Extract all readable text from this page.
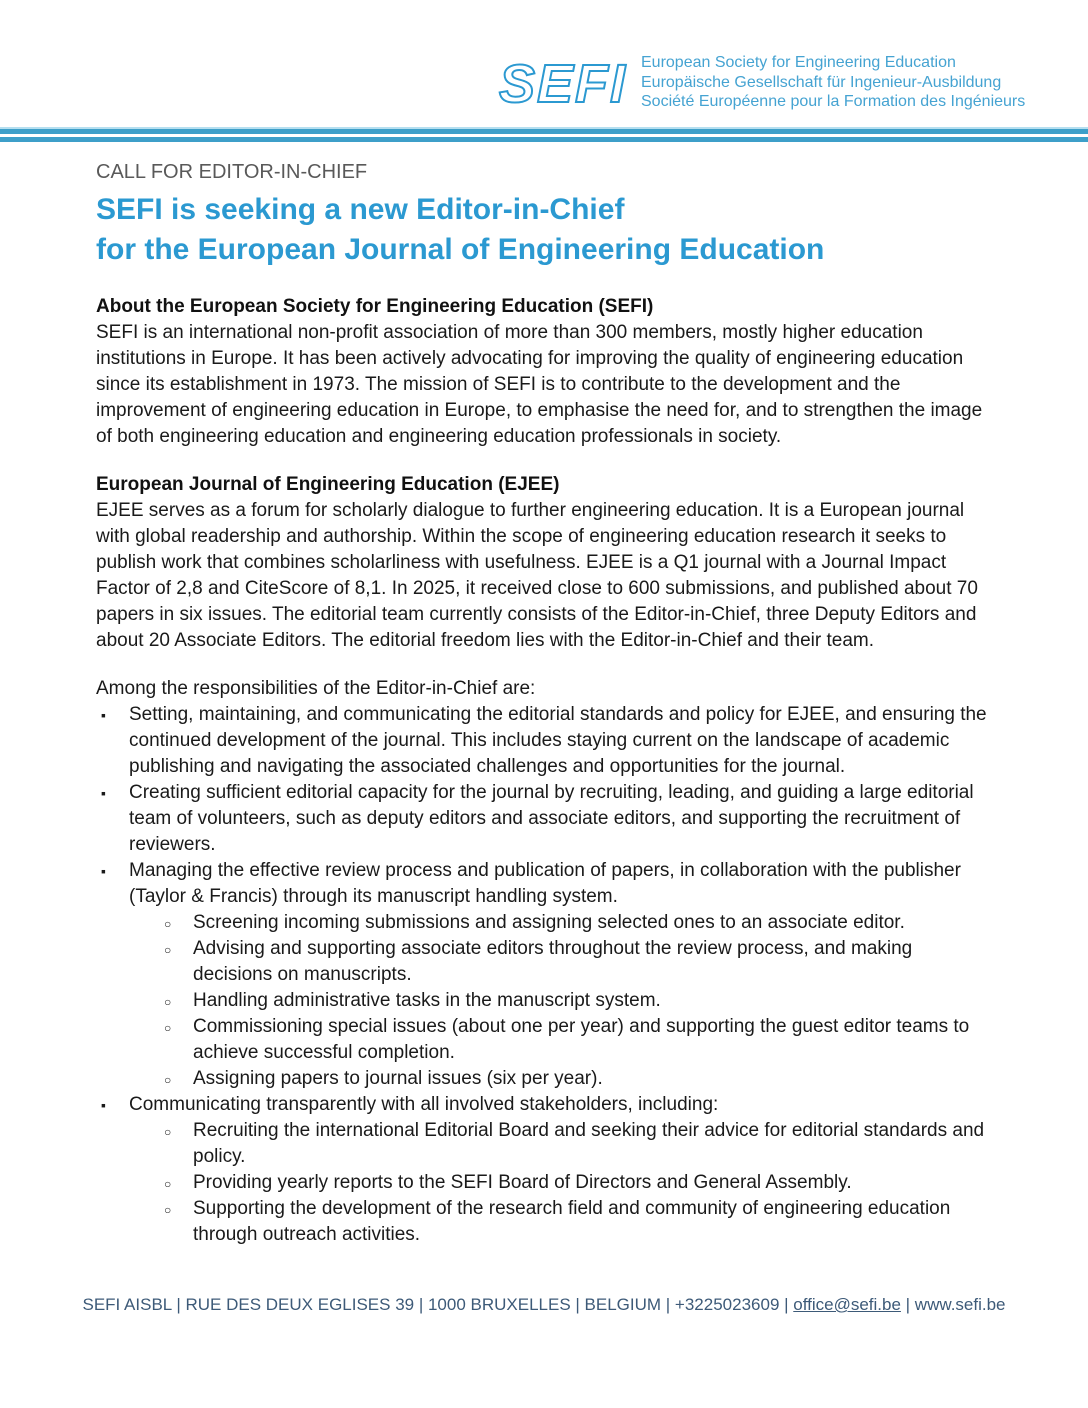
SEFI European Society for Engineering Education
Europäische Gesellschaft für Ingenieur-Ausbildung
Société Européenne pour la Formation des Ingénieurs
CALL FOR EDITOR-IN-CHIEF
SEFI is seeking a new Editor-in-Chief
for the European Journal of Engineering Education

About the European Society for Engineering Education (SEFI)

SEFI is an international non-profit association of more than 300 members, mostly higher education institutions in Europe. It has been actively advocating for improving the quality of engineering education since its establishment in 1973. The mission of SEFI is to contribute to the development and the improvement of engineering education in Europe, to emphasise the need for, and to strengthen the image of both engineering education and engineering education professionals in society.

European Journal of Engineering Education (EJEE)

EJEE serves as a forum for scholarly dialogue to further engineering education. It is a European journal with global readership and authorship. Within the scope of engineering education research it seeks to publish work that combines scholarliness with usefulness. EJEE is a Q1 journal with a Journal Impact Factor of 2,8 and CiteScore of 8,1. In 2025, it received close to 600 submissions, and published about 70 papers in six issues. The editorial team currently consists of the Editor-in-Chief, three Deputy Editors and about 20 Associate Editors. The editorial freedom lies with the Editor-in-Chief and their team.

Among the responsibilities of the Editor-in-Chief are:

▪ Setting, maintaining, and communicating the editorial standards and policy for EJEE, and ensuring the continued development of the journal. This includes staying current on the landscape of academic publishing and navigating the associated challenges and opportunities for the journal.
▪ Creating sufficient editorial capacity for the journal by recruiting, leading, and guiding a large editorial team of volunteers, such as deputy editors and associate editors, and supporting the recruitment of reviewers.
▪ Managing the effective review process and publication of papers, in collaboration with the publisher (Taylor & Francis) through its manuscript handling system.
○ Screening incoming submissions and assigning selected ones to an associate editor.
○ Advising and supporting associate editors throughout the review process, and making decisions on manuscripts.
○ Handling administrative tasks in the manuscript system.
○ Commissioning special issues (about one per year) and supporting the guest editor teams to achieve successful completion.
○ Assigning papers to journal issues (six per year).
▪ Communicating transparently with all involved stakeholders, including:
○ Recruiting the international Editorial Board and seeking their advice for editorial standards and policy.
○ Providing yearly reports to the SEFI Board of Directors and General Assembly.
○ Supporting the development of the research field and community of engineering education through outreach activities.
SEFI AISBL | RUE DES DEUX EGLISES 39 | 1000 BRUXELLES | BELGIUM | +3225023609 | office@sefi.be | www.sefi.be
